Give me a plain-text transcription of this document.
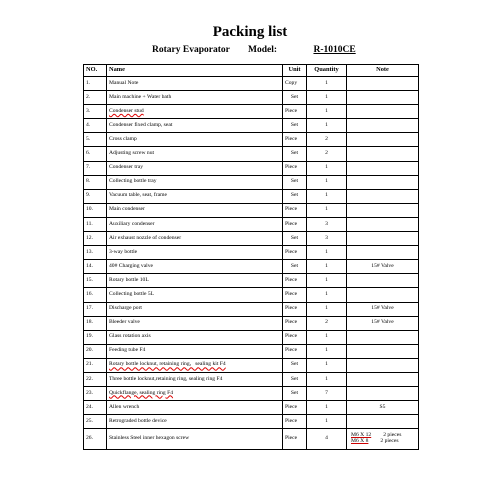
Packing list
Rotary Evaporator Model:	R-1010CE
NO.	Name	Unit	Quantity	Note
1.	Manual Note	Copy	1	
2.	Main machine + Water bath	Set	1	
3.	Condenser stud	Piece	1	
4.	Condenser fixed clamp, seat	Set	1	
5.	Cross clamp	Piece	2	
6.	Adjusting screw nut	Set	2	
7.	Condenser tray	Piece	1	
8.	Collecting bottle tray	Set	1	
9.	Vacuum table, seat, frame	Set	1	
10.	Main condenser	Piece	1	
11.	Auxiliary condenser	Piece	3	
12.	Air exhaust nozzle of condenser	Set	3	
13.	3-way bottle	Piece	1	
14.	40# Charging valve	Set	1	15# Valve
15.	Rotary bottle 10L	Piece	1	
16.	Collecting bottle 5L	Piece	1	
17.	Discharge port	Piece	1	15# Valve
18.	Bleeder valve	Piece	2	15# Valve
19.	Glass rotation axis	Piece	1	
20.	Feeding tube F4	Piece	1	
21.	Rotary bottle locknut, retaining ring，sealing kit F4	Set	1	
22.	Three bottle locknut,retaining ring, sealing ring F4	Set	1	
23.	Quickflange, sealing ring F4	Set	7	
24.	Allen wrench	Piece	1	S5
25.	Retrograded bottle device	Piece	1	
26.	Stainless Steel inner hexagon screw	Piece	4	M6 X 12 2 pieces
M6 X 8 2 pieces
